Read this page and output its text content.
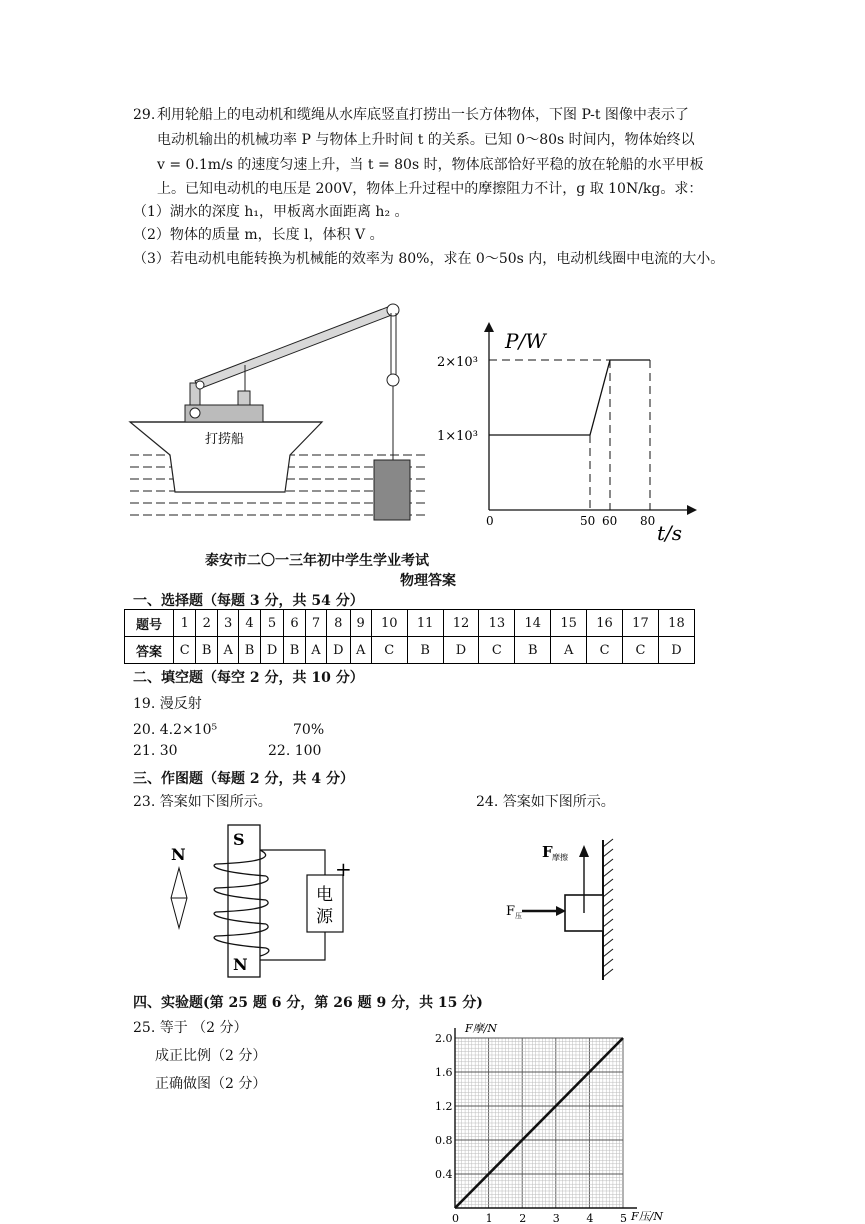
29. 利用轮船上的电动机和缆绳从水库底竖直打捞出一长方体物体，下图 P-t 图像中表示了
电动机输出的机械功率 P 与物体上升时间 t 的关系。已知 0～80s 时间内，物体始终以
v = 0.1m/s 的速度匀速上升，当 t = 80s 时，物体底部恰好平稳的放在轮船的水平甲板
上。已知电动机的电压是 200V，物体上升过程中的摩擦阻力不计，g 取 10N/kg。求：
（1）湖水的深度 h₁，甲板离水面距离 h₂ 。
（2）物体的质量 m，长度 l，体积 V 。
（3）若电动机电能转换为机械能的效率为 80%，求在 0～50s 内，电动机线圈中电流的大小。
打捞船
P/W
2×10³
1×10³
0	50 60 80 t/s
泰安市二〇一三年初中学生学业考试
物理答案
一、选择题（每题 3 分，共 54 分）
题号	1	2	3	4	5	6	7	8	9	10	11	12	13	14	15	16	17	18
答案	C	B	A	B	D	B	A	D	A	C	B	D	C	B	A	C	C	D
二、填空题（每空 2 分，共 10 分）
19. 漫反射
20. 4.2×10⁵	70%
21. 30	22. 100
三、作图题（每题 2 分，共 4 分）
23. 答案如下图所示。	24. 答案如下图所示。
N
S
N
+
电
源
F 摩擦
F 压
四、实验题(第 25 题 6 分，第 26 题 9 分，共 15 分)
25. 等于 （2 分）
成正比例（2 分）
正确做图（2 分）
0 1 2 3 4 5
0.4
0.8
1.2
1.6
2.0
F摩/N
F压/N
